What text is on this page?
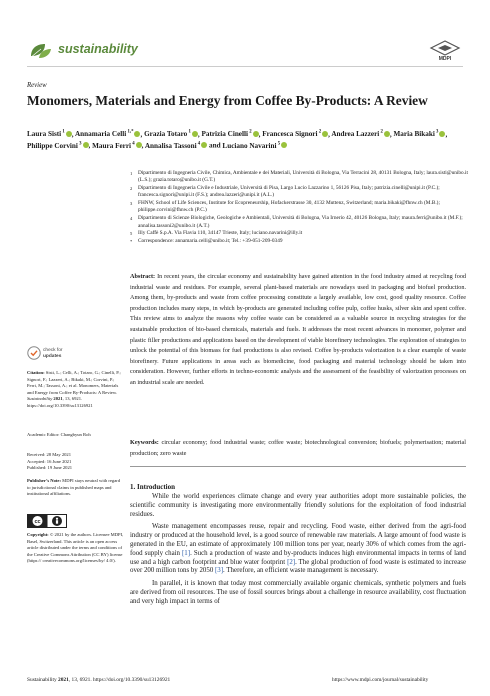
sustainability
MDPI
Review
Monomers, Materials and Energy from Coffee By-Products: A Review
Laura Sisti $^1$ , Annamaria Celli $^{1,*}$ , Grazia Totaro $^1$ , Patrizia Cinelli $^2$ , Francesca Signori $^2$ , Andrea Lazzeri $^2$ , Maria Bikaki $^3$ , Philippe Corvini $^3$ , Maura Ferri $^4$ , Annalisa Tassoni $^4$ and Luciano Navarini $^5$
1	Dipartimento di Ingegneria Civile, Chimica, Ambientale e dei Materiali, Università di Bologna, Via Terracini 28, 40131 Bologna, Italy; laura.sisti@unibo.it (L.S.); grazia.totaro@unibo.it (G.T.)
2	Dipartimento di Ingegneria Civile e Industriale, Università di Pisa, Largo Lucio Lazzarino 1, 56126 Pisa, Italy; patrizia.cinelli@unipi.it (P.C.); francesca.signori@unipi.it (F.S.); andrea.lazzeri@unipi.it (A.L.)
3	FHNW, School of Life Sciences, Institute for Ecopreneurship, Hofackerstrasse 30, 4132 Muttenz, Switzerland; maria.bikaki@fhnw.ch (M.B.); philippe.corvini@fhnw.ch (P.C.)
4	Dipartimento di Scienze Biologiche, Geologiche e Ambientali, Università di Bologna, Via Irnerio 42, 40126 Bologna, Italy; maura.ferri@unibo.it (M.F.); annalisa.tassoni2@unibo.it (A.T.)
5	Illy Caffè S.p.A. Via Flavia 110, 34147 Trieste, Italy; luciano.navarini@illy.it
*	Correspondence: annamaria.celli@unibo.it; Tel.: +39-051-209-0349
check for
updates
Citation: Sisti, L.; Celli, A.; Totaro, G.; Cinelli, P.; Signori, F.; Lazzeri, A.; Bikaki, M.; Corvini, P.; Ferri, M.; Tassoni, A.; et al. Monomers, Materials and Energy from Coffee By-Products: A Review. Sustainability 2021, 13, 6921. https://doi.org/10.3390/su13126921
Academic Editor: Changbyun Roh
Received: 28 May 2021
Accepted: 16 June 2021
Published: 19 June 2021
Publisher’s Note: MDPI stays neutral with regard to jurisdictional claims in published maps and institutional affiliations.
cc
Copyright: © 2021 by the authors. Licensee MDPI, Basel, Switzerland. This article is an open access article distributed under the terms and conditions of the Creative Commons Attribution (CC BY) license (https:// creativecommons.org/licenses/by/ 4.0/).
Abstract: In recent years, the circular economy and sustainability have gained attention in the food industry aimed at recycling food industrial waste and residues. For example, several plant-based materials are nowadays used in packaging and biofuel production. Among them, by-products and waste from coffee processing constitute a largely available, low cost, good quality resource. Coffee production includes many steps, in which by-products are generated including coffee pulp, coffee husks, silver skin and spent coffee. This review aims to analyze the reasons why coffee waste can be considered as a valuable source in recycling strategies for the sustainable production of bio-based chemicals, materials and fuels. It addresses the most recent advances in monomer, polymer and plastic filler productions and applications based on the development of viable biorefinery technologies. The exploration of strategies to unlock the potential of this biomass for fuel productions is also revised. Coffee by-products valorization is a clear example of waste biorefinery. Future applications in areas such as biomedicine, food packaging and material technology should be taken into consideration. However, further efforts in techno-economic analysis and the assessment of the feasibility of valorization processes on an industrial scale are needed.
Keywords: circular economy; food industrial waste; coffee waste; biotechnological conversion; biofuels; polymerisation; material production; zero waste
1. Introduction

While the world experiences climate change and every year authorities adopt more sustainable policies, the scientific community is investigating more environmentally friendly solutions for the exploitation of food industrial residues.

Waste management encompasses reuse, repair and recycling. Food waste, either derived from the agri-food industry or produced at the household level, is a good source of renewable raw materials. A large amount of food waste is generated in the EU, an estimate of approximately 100 million tons per year, nearly 30% of which comes from the agri-food supply chain [1]. Such a production of waste and by-products induces high environmental impacts in terms of land use and a high carbon footprint and blue water footprint [2]. The global production of food waste is estimated to increase over 200 million tons by 2050 [3]. Therefore, an efficient waste management is necessary.

In parallel, it is known that today most commercially available organic chemicals, synthetic polymers and fuels are derived from oil resources. The use of fossil sources brings about a challenge in resource availability, cost fluctuation and very high impact in terms of

Sustainability 2021, 13, 6921. https://doi.org/10.3390/su13126921	https://www.mdpi.com/journal/sustainability
